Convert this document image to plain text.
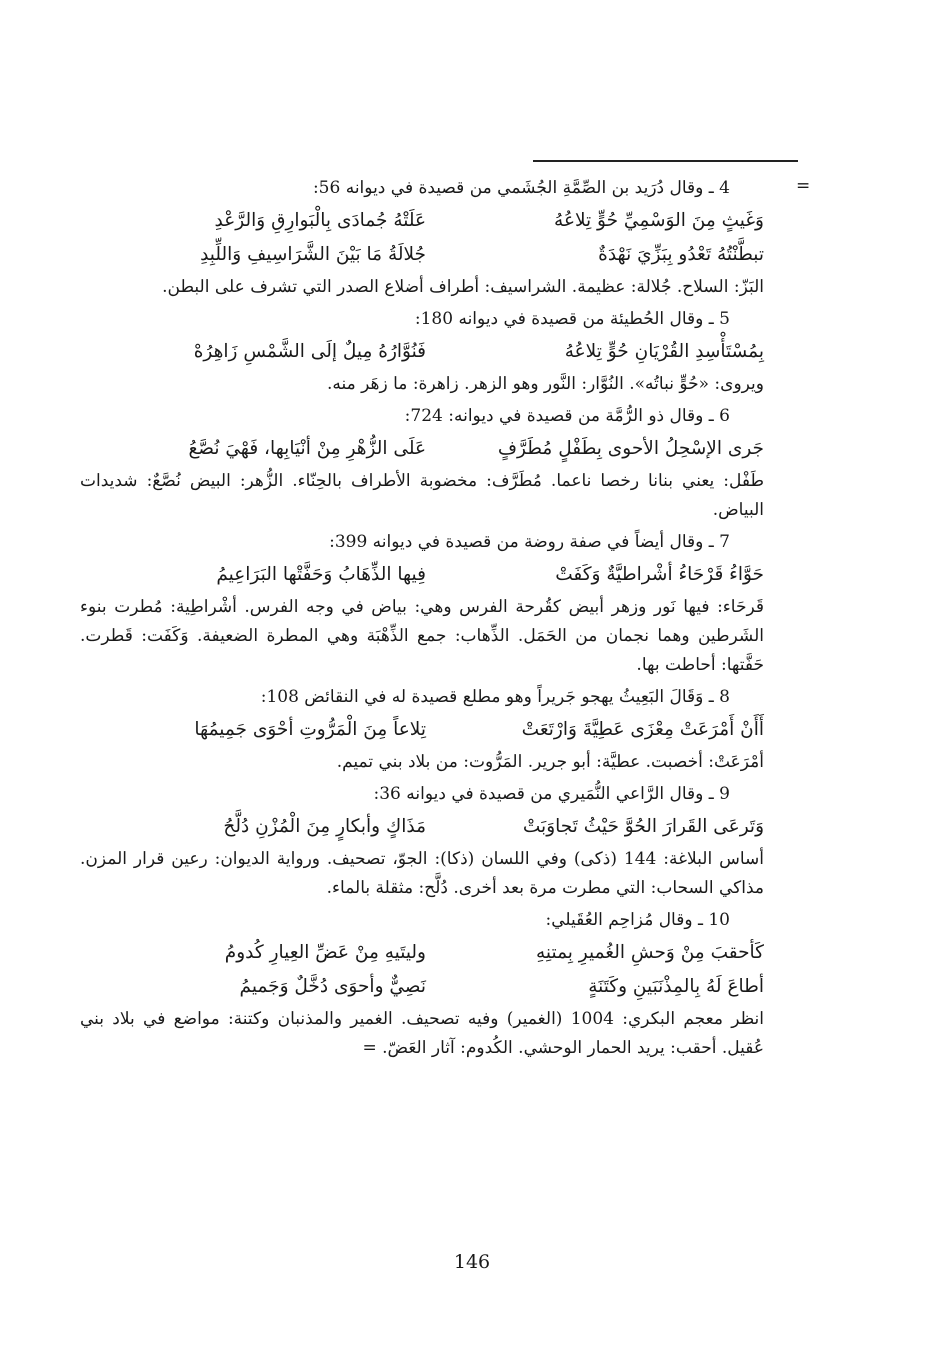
=

4 ـ وقال دُرَيد بن الصِّمَّةِ الجُشَمي من قصيدة في ديوانه 56:

وَغَيثٍ مِنَ الوَسْمِيِّ حُوٍّ تِلاعُهُ
عَلَتْهُ جُمادَى بِالْبَوارِقِ وَالرَّعْدِ
تبطَّنْتُهُ تَعْدُو بِبَزِّيَ نَهْدَةٌ
جُلالَةُ مَا بَيْنَ الشَّرَاسِيفِ وَاللِّبِدِ

البَزّ: السلاح. جُلالة: عظيمة. الشراسيف: أطراف أضلاع الصدر التي تشرف على البطن.

5 ـ وقال الحُطيئة من قصيدة في ديوانه 180:

بِمُسْتَأْسِدِ القُرْيَانِ حُوٍّ تِلاعُهُ
فَنُوَّارُهُ مِيلٌ إلَى الشَّمْسِ زَاهِرُهْ

ويروى: «حُوٍّ نباتُه». النُوَّار: النَّور وهو الزهر. زاهرة: ما زهَر منه.

6 ـ وقال ذو الرُّمَّة من قصيدة في ديوانه: 724:

جَرى الإسْحِلُ الأحوى بِطَفْلٍ مُطَرَّفٍ
عَلَى الزُّهْرِ مِنْ أنْيَابِها، فَهْيَ نُصَّعُ

طَفْل: يعني بنانا رخصا ناعما. مُطَرَّف: مخضوبة الأطراف بالحِنّاء. الزُّهر: البيض نُصَّعٌ: شديدات البياض.

7 ـ وقال أيضاً في صفة روضة من قصيدة في ديوانه 399:

حَوَّاءُ قَرْحَاءُ أشْراطيَّةٌ وَكَفَتْ
فِيها الذِّهَابُ وَحَفَّتْها البَرَاعِيمُ

قَرحَاء: فيها نَور وزهر أبيض كقُرحة الفرس وهي: بياض في وجه الفرس. أشْراطِية: مُطرت بنوء الشَرطين وهما نجمان من الحَمَل. الذِّهاب: جمع الذِّهْبَة وهي المطرة الضعيفة. وَكَفَت: قَطرت. حَفَّتها: أحاطت بها.

8 ـ وَقَالَ البَعِيثُ يهجو جَريراً وهو مطلع قصيدة له في النقائض 108:

أَأَنْ أَمْرَعَتْ مِعْزَى عَطِيَّةَ وَارْتَعَتْ
تِلاعاً مِنَ الْمَرُّوتِ أحْوَى جَمِيمُهَا

أمْرَعَتْ: أخصبت. عطيَّة: أبو جرير. المَرُّوت: من بلاد بني تميم.

9 ـ وقال الرَّاعي النُّمَيري من قصيدة في ديوانه 36:

وَتَرعَى القَرارَ الحُوَّ حَيْثُ تَجاوَبَتْ
مَذَاكٍ وأبكارٍ مِنَ الْمُزْنِ دُلَّحُ

أساس البلاغة: 144 (ذكى) وفي اللسان (ذكا): الجوّ، تصحيف. ورواية الديوان: رعين قرار المزن. مذاكي السحاب: التي مطرت مرة بعد أخرى. دُلَّح: مثقلة بالماء.

10 ـ وقال مُزاحِم العُقَيلي:

كَأحقبَ مِنْ وَحشِ الغُميرِ بِمتنِهِ
وليتَيهِ مِنْ عَضِّ العِيارِ كُدومُ
أطاعَ لَهُ بِالمِذْنَبَينِ وكَتَنَةٍ
نَصِيٌّ وأحوَى دُخَّلٌ وَجَميمُ

انظر معجم البكري: 1004 (الغمير) وفيه تصحيف. الغمير والمذنبان وكتنة: مواضع في بلاد بني عُقيل. أحقب: يريد الحمار الوحشي. الكُدوم: آثار العَضّ. =

146
